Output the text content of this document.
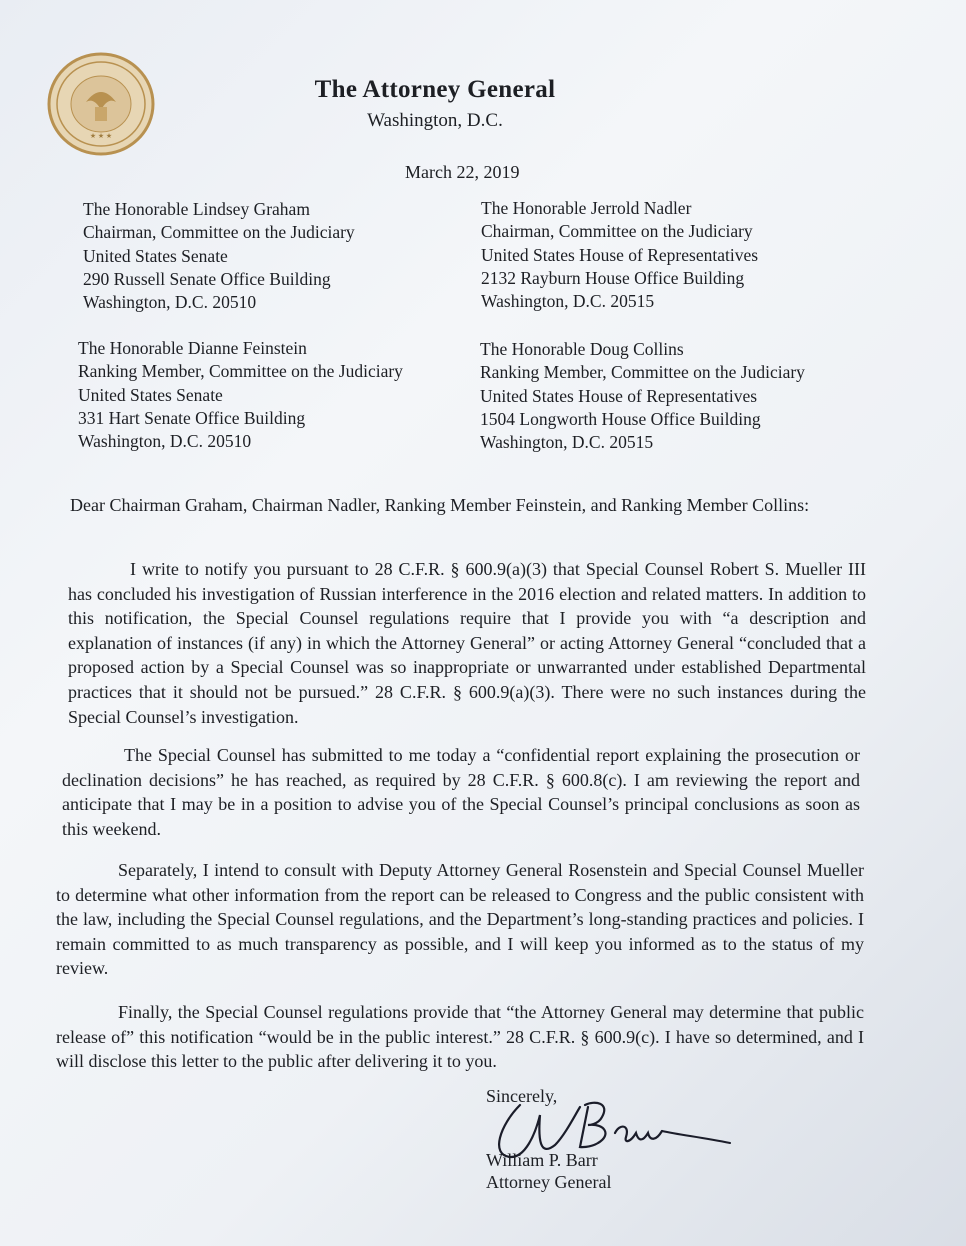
★ ★ ★
The Attorney General
Washington, D.C.
March 22, 2019
The Honorable Lindsey Graham
Chairman, Committee on the Judiciary
United States Senate
290 Russell Senate Office Building
Washington, D.C. 20510
The Honorable Jerrold Nadler
Chairman, Committee on the Judiciary
United States House of Representatives
2132 Rayburn House Office Building
Washington, D.C. 20515
The Honorable Dianne Feinstein
Ranking Member, Committee on the Judiciary
United States Senate
331 Hart Senate Office Building
Washington, D.C. 20510
The Honorable Doug Collins
Ranking Member, Committee on the Judiciary
United States House of Representatives
1504 Longworth House Office Building
Washington, D.C. 20515
Dear Chairman Graham, Chairman Nadler, Ranking Member Feinstein, and Ranking Member Collins:

I write to notify you pursuant to 28 C.F.R. § 600.9(a)(3) that Special Counsel Robert S. Mueller III has concluded his investigation of Russian interference in the 2016 election and related matters. In addition to this notification, the Special Counsel regulations require that I provide you with “a description and explanation of instances (if any) in which the Attorney General” or acting Attorney General “concluded that a proposed action by a Special Counsel was so inappropriate or unwarranted under established Departmental practices that it should not be pursued.” 28 C.F.R. § 600.9(a)(3). There were no such instances during the Special Counsel’s investigation.

The Special Counsel has submitted to me today a “confidential report explaining the prosecution or declination decisions” he has reached, as required by 28 C.F.R. § 600.8(c). I am reviewing the report and anticipate that I may be in a position to advise you of the Special Counsel’s principal conclusions as soon as this weekend.

Separately, I intend to consult with Deputy Attorney General Rosenstein and Special Counsel Mueller to determine what other information from the report can be released to Congress and the public consistent with the law, including the Special Counsel regulations, and the Department’s long-standing practices and policies. I remain committed to as much transparency as possible, and I will keep you informed as to the status of my review.

Finally, the Special Counsel regulations provide that “the Attorney General may determine that public release of” this notification “would be in the public interest.” 28 C.F.R. § 600.9(c). I have so determined, and I will disclose this letter to the public after delivering it to you.

Sincerely,
William P. Barr
Attorney General
